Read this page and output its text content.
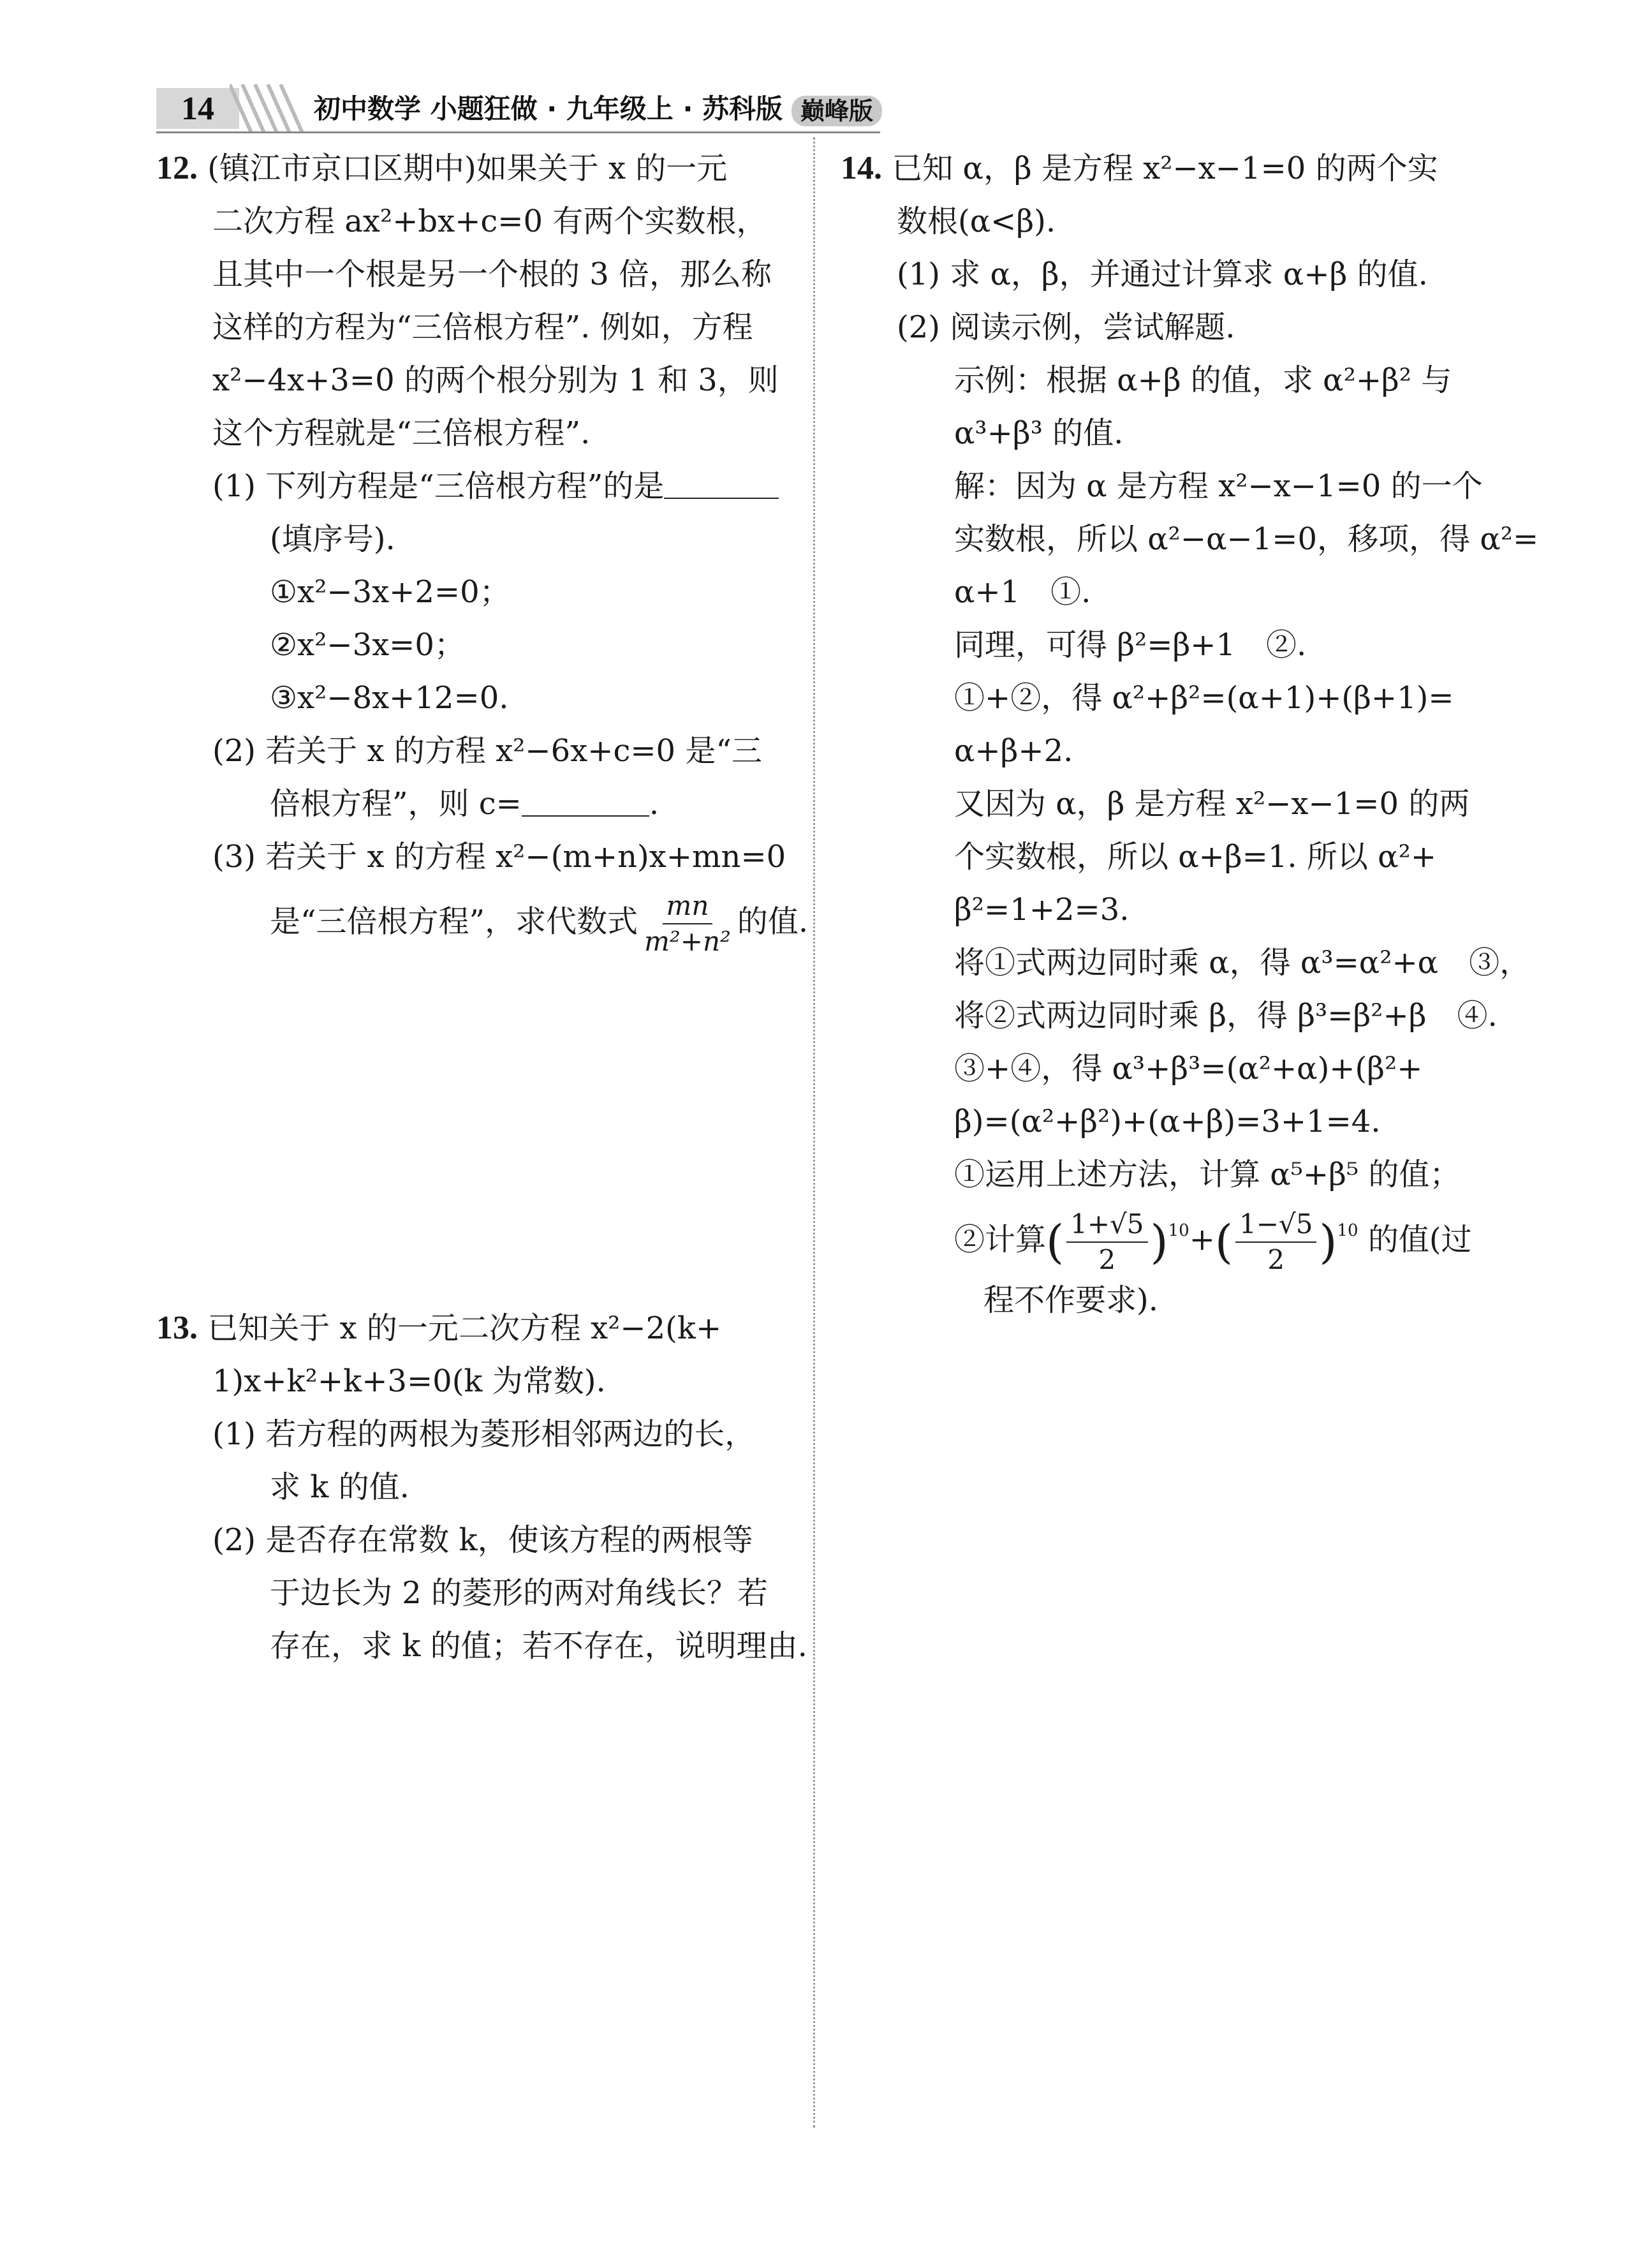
14	初中数学 小题狂做 · 九年级上 · 苏科版 巅峰版

12. (镇江市京口区期中)如果关于 x 的一元

二次方程 ax²+bx+c=0 有两个实数根，

且其中一个根是另一个根的 3 倍，那么称

这样的方程为“三倍根方程”. 例如，方程

x²−4x+3=0 的两个根分别为 1 和 3，则

这个方程就是“三倍根方程”.

(1) 下列方程是“三倍根方程”的是

(填序号).

①x²−3x+2=0；

②x²−3x=0；

③x²−8x+12=0.

(2) 若关于 x 的方程 x²−6x+c=0 是“三

倍根方程”，则 c=	.

(3) 若关于 x 的方程 x²−(m+n)x+mn=0

是“三倍根方程”，求代数式 $\frac{mn}{\text{m²+n²}}$ 的值.

13. 已知关于 x 的一元二次方程 x²−2(k+

1)x+k²+k+3=0(k 为常数).

(1) 若方程的两根为菱形相邻两边的长，

求 k 的值.

(2) 是否存在常数 k，使该方程的两根等

于边长为 2 的菱形的两对角线长？若

存在，求 k 的值；若不存在，说明理由.

14. 已知 α，β 是方程 x²−x−1=0 的两个实

数根(α<β).

(1) 求 α，β，并通过计算求 α+β 的值.

(2) 阅读示例，尝试解题.

示例：根据 α+β 的值，求 α²+β² 与

α³+β³ 的值.

解：因为 α 是方程 x²−x−1=0 的一个

实数根，所以 α²−α−1=0，移项，得 α²=

α+1　①.

同理，可得 β²=β+1　②.

①+②，得 α²+β²=(α+1)+(β+1)=

α+β+2.

又因为 α，β 是方程 x²−x−1=0 的两

个实数根，所以 α+β=1. 所以 α²+

β²=1+2=3.

将①式两边同时乘 α，得 α³=α²+α　③，

将②式两边同时乘 β，得 β³=β²+β　④.

③+④，得 α³+β³=(α²+α)+(β²+

β)=(α²+β²)+(α+β)=3+1=4.

①运用上述方法，计算 α⁵+β⁵ 的值；

②计算( $\frac{1+√5}{2} )^{10}+( \frac{1-√5}{2} )^{10}$ 的值(过

程不作要求).
